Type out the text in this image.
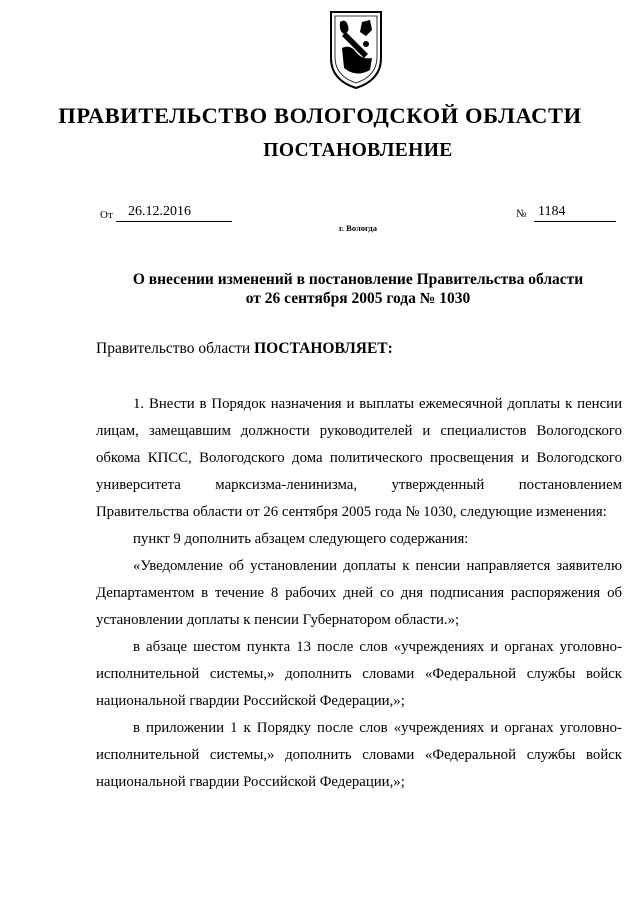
ПРАВИТЕЛЬСТВО ВОЛОГОДСКОЙ ОБЛАСТИ
ПОСТАНОВЛЕНИЕ
От	26.12.2016	№ 1184
г. Вологда
О внесении изменений в постановление Правительства области
от 26 сентября 2005 года № 1030
Правительство области ПОСТАНОВЛЯЕТ:

1. Внести в Порядок назначения и выплаты ежемесячной доплаты к пенсии лицам, замещавшим должности руководителей и специалистов Вологодского обкома КПСС, Вологодского дома политического просвещения и Вологодского университета марксизма-ленинизма, утвержденный постановлением Правительства области от 26 сентября 2005 года № 1030, следующие изменения:

пункт 9 дополнить абзацем следующего содержания:

«Уведомление об установлении доплаты к пенсии направляется заявителю Департаментом в течение 8 рабочих дней со дня подписания распоряжения об установлении доплаты к пенсии Губернатором области.»;

в абзаце шестом пункта 13 после слов «учреждениях и органах уголовно-исполнительной системы,» дополнить словами «Федеральной службы войск национальной гвардии Российской Федерации,»;

в приложении 1 к Порядку после слов «учреждениях и органах уголовно-исполнительной системы,» дополнить словами «Федеральной службы войск национальной гвардии Российской Федерации,»;
